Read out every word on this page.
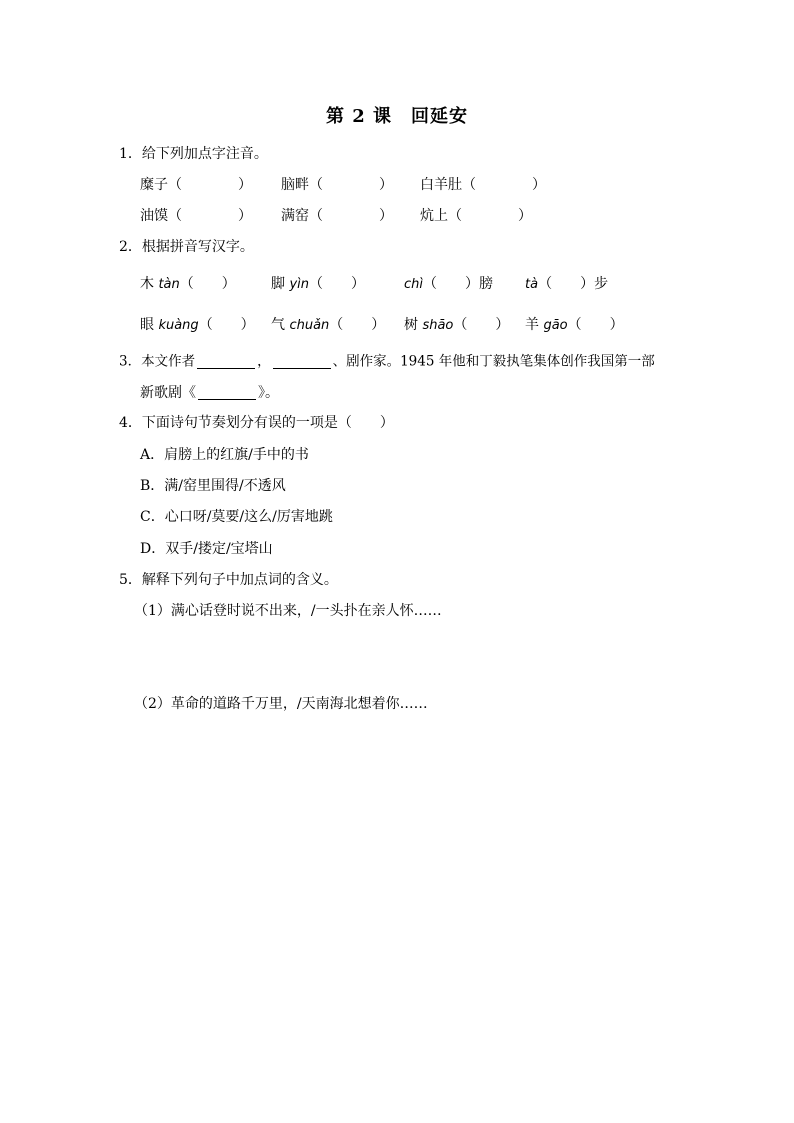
第 2 课　回延安
1．给下列加点字注音。
糜子（　　　　） 脑畔（　　　　） 白羊肚（　　　　）
油馍（　　　　） 满窑（　　　　） 炕上（　　　　）
2．根据拼音写汉字。
木 tàn（　　）	脚 yìn（　　）	chì（　　）膀 tà（　　）步
眼 kuàng（　　） 气 chuǎn（　　） 树 shāo（　　） 羊 gāo（　　）
3．本文作者	，	、剧作家。1945 年他和丁毅执笔集体创作我国第一部
新歌剧《	》。
4．下面诗句节奏划分有误的一项是（　　）
A．肩膀上的红旗/手中的书
B．满/窑里围得/不透风
C．心口呀/莫要/这么/厉害地跳
D．双手/搂定/宝塔山
5．解释下列句子中加点词的含义。
（1）满心话登时说不出来，/一头扑在亲人怀……
（2）革命的道路千万里，/天南海北想着你……
